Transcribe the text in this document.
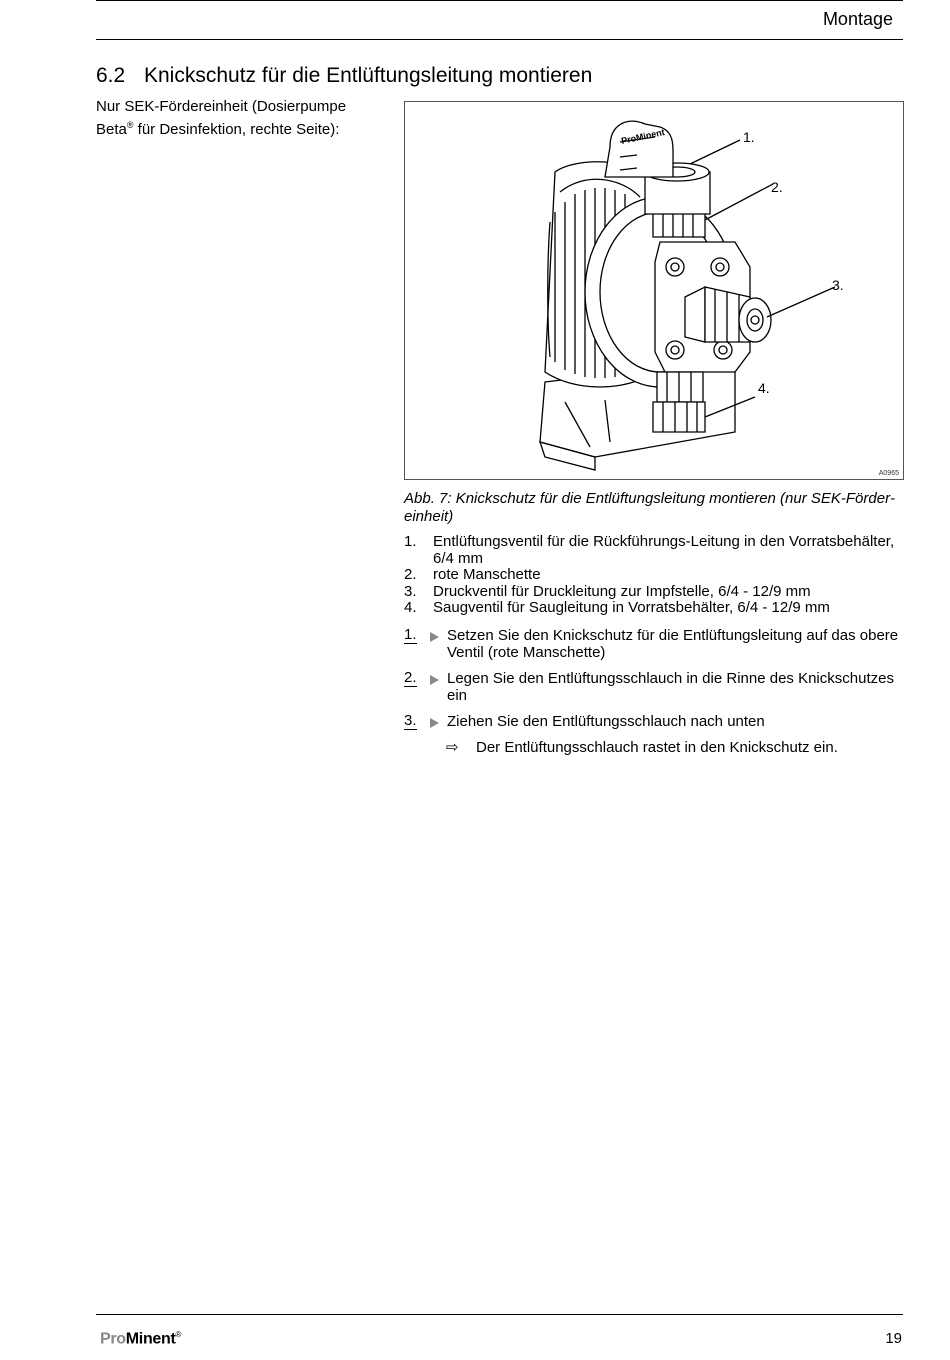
Montage
6.2 Knickschutz für die Entlüftungsleitung montieren
Nur SEK-Fördereinheit (Dosierpumpe
Beta® für Desinfektion, rechte Seite):	ProMinent	1.
2.
3.
4.
A0965
Abb. 7: Knickschutz für die Entlüftungsleitung montieren (nur SEK-Fördereinheit)
1. Entlüftungsventil für die Rückführungs-Leitung in den Vorratsbehälter, 6/4 mm
2. rote Manschette
3. Druckventil für Druckleitung zur Impfstelle, 6/4 - 12/9 mm
4. Saugventil für Saugleitung in Vorratsbehälter, 6/4 - 12/9 mm
1. Setzen Sie den Knickschutz für die Entlüftungsleitung auf das obere Ventil (rote Manschette)
2. Legen Sie den Entlüftungsschlauch in die Rinne des Knickschutzes ein
3. Ziehen Sie den Entlüftungsschlauch nach unten
⇨ Der Entlüftungsschlauch rastet in den Knickschutz ein.
ProMinent®	19
